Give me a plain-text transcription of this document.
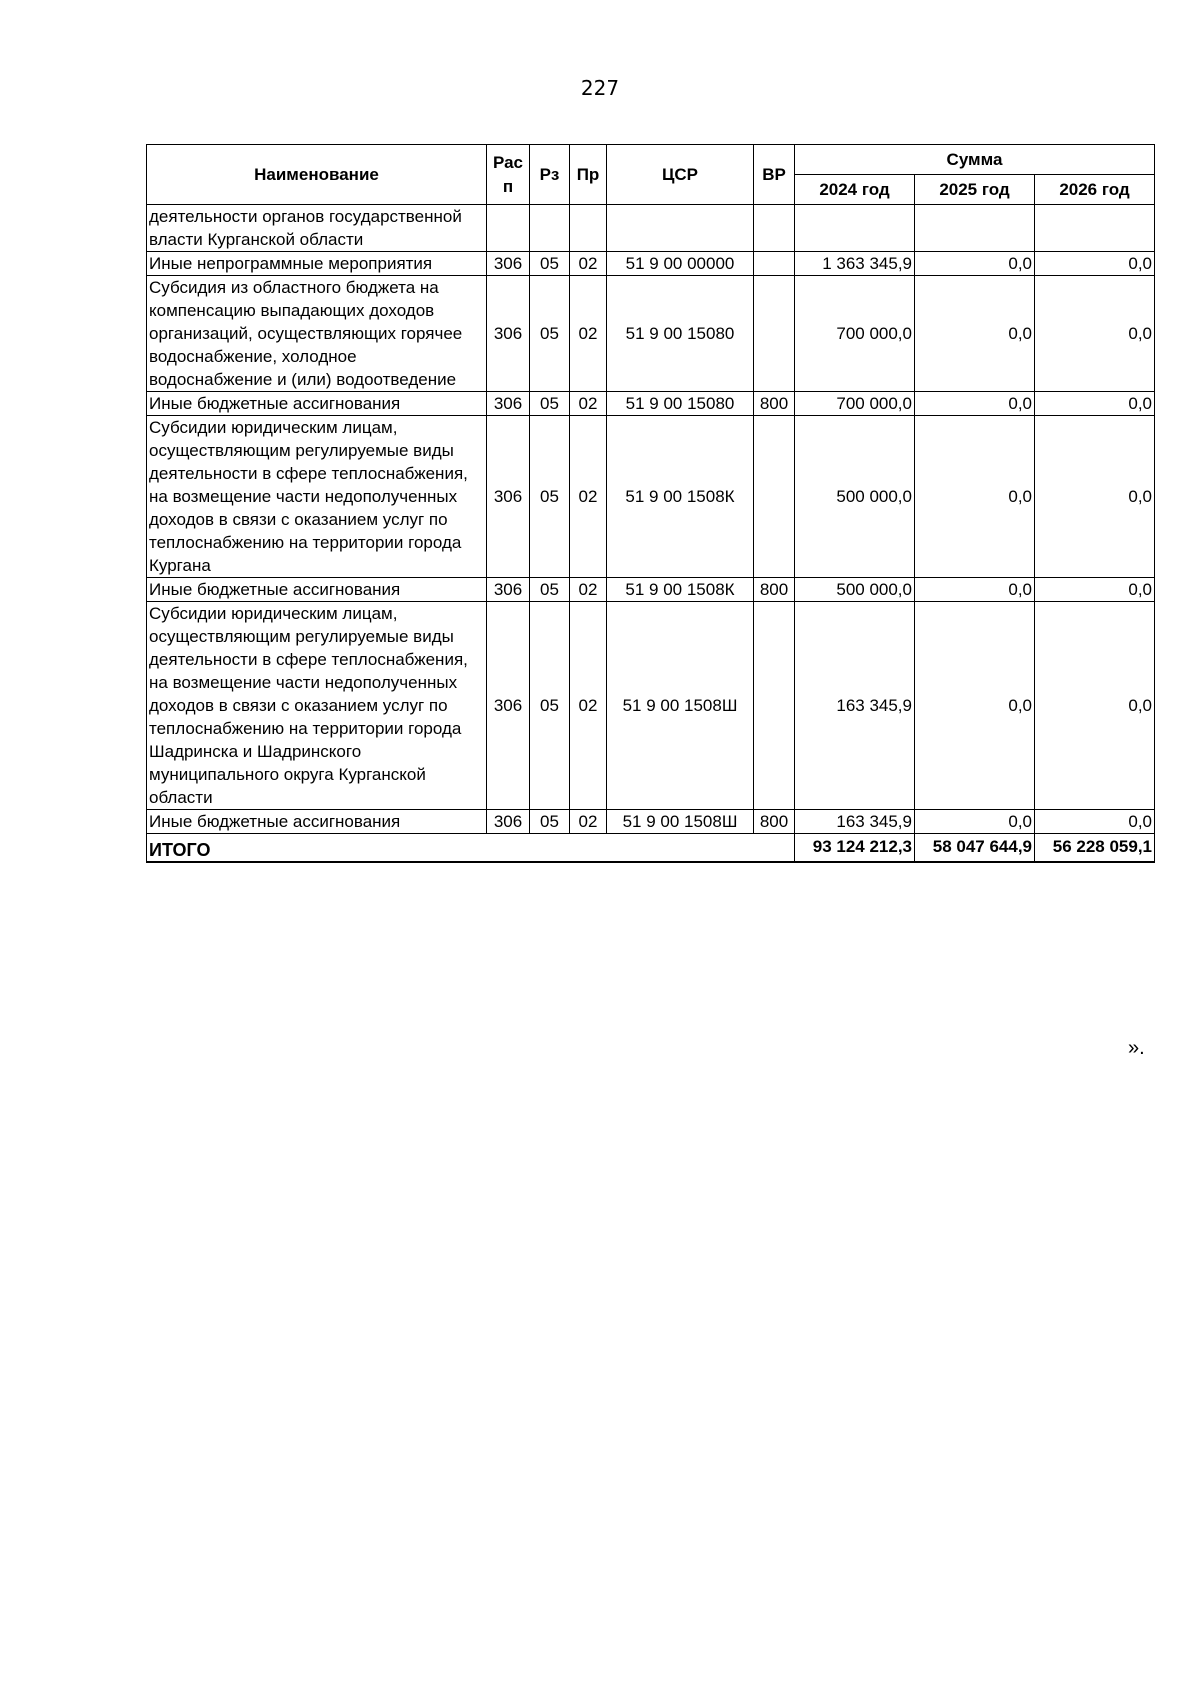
227
Наименование	Рас п	Рз	Пр	ЦСР	ВР	Сумма		
						2024 год	2025 год	2026 год
деятельности органов государственной власти Курганской области								
Иные непрограммные мероприятия	306	05	02	51 9 00 00000		1 363 345,9	0,0	0,0
Субсидия из областного бюджета на компенсацию выпадающих доходов организаций, осуществляющих горячее водоснабжение, холодное водоснабжение и (или) водоотведение	306	05	02	51 9 00 15080		700 000,0	0,0	0,0
Иные бюджетные ассигнования	306	05	02	51 9 00 15080	800	700 000,0	0,0	0,0
Субсидии юридическим лицам, осуществляющим регулируемые виды деятельности в сфере теплоснабжения, на возмещение части недополученных доходов в связи с оказанием услуг по теплоснабжению на территории города Кургана	306	05	02	51 9 00 1508К		500 000,0	0,0	0,0
Иные бюджетные ассигнования	306	05	02	51 9 00 1508К	800	500 000,0	0,0	0,0
Субсидии юридическим лицам, осуществляющим регулируемые виды деятельности в сфере теплоснабжения, на возмещение части недополученных доходов в связи с оказанием услуг по теплоснабжению на территории города Шадринска и Шадринского муниципального округа Курганской области	306	05	02	51 9 00 1508Ш		163 345,9	0,0	0,0
Иные бюджетные ассигнования	306	05	02	51 9 00 1508Ш	800	163 345,9	0,0	0,0
ИТОГО						93 124 212,3	58 047 644,9	56 228 059,1
».
